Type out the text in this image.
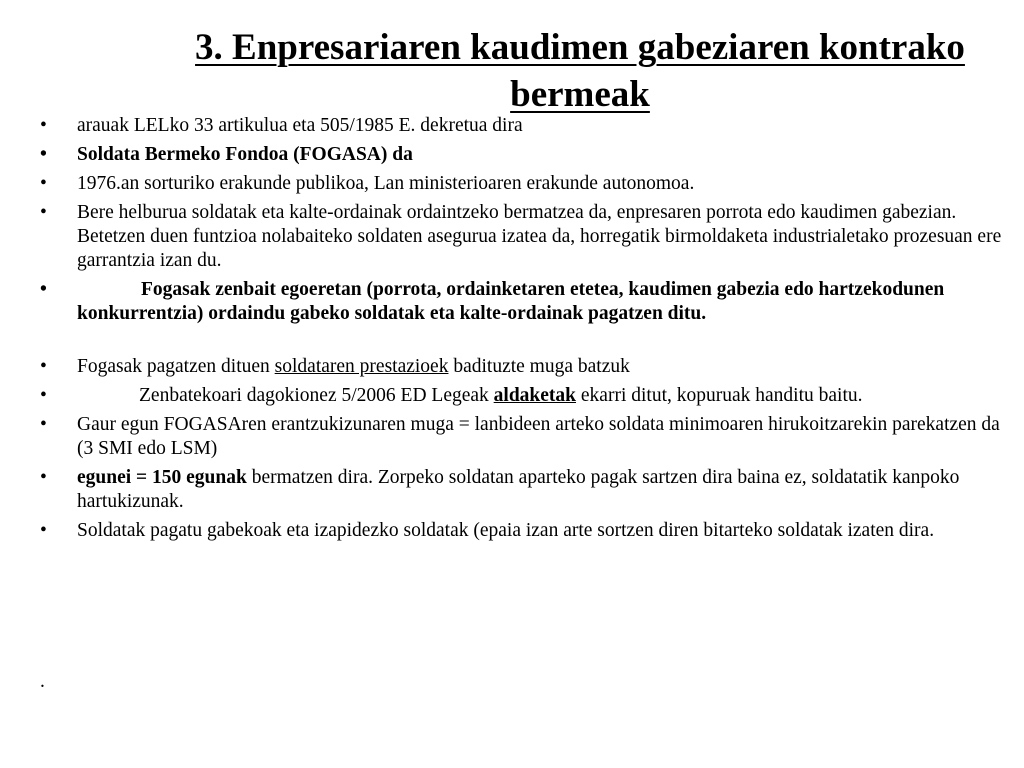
3. Enpresariaren kaudimen gabeziaren kontrako
bermeak
• arauak LELko 33 artikulua eta 505/1985 E. dekretua dira
• Soldata Bermeko Fondoa (FOGASA) da
• 1976.an sorturiko erakunde publikoa, Lan ministerioaren erakunde autonomoa.
• Bere helburua soldatak eta kalte-ordainak ordaintzeko bermatzea da, enpresaren porrota edo kaudimen gabezian. Betetzen duen funtzioa nolabaiteko soldaten asegurua izatea da, horregatik birmoldaketa industrialetako prozesuan ere garrantzia izan du.
• Fogasak zenbait egoeretan (porrota, ordainketaren etetea, kaudimen gabezia edo hartzekodunen konkurrentzia) ordaindu gabeko soldatak eta kalte-ordainak pagatzen ditu.
• Fogasak pagatzen dituen soldataren prestazioek badituzte muga batzuk
• Zenbatekoari dagokionez 5/2006 ED Legeak aldaketak ekarri ditut, kopuruak handitu baitu.
• Gaur egun FOGASAren erantzukizunaren muga = lanbideen arteko soldata minimoaren hirukoitzarekin parekatzen da (3 SMI edo LSM)
• egunei = 150 egunak bermatzen dira. Zorpeko soldatan aparteko pagak sartzen dira baina ez, soldatatik kanpoko hartukizunak.
• Soldatak pagatu gabekoak eta izapidezko soldatak (epaia izan arte sortzen diren bitarteko soldatak izaten dira.
.
